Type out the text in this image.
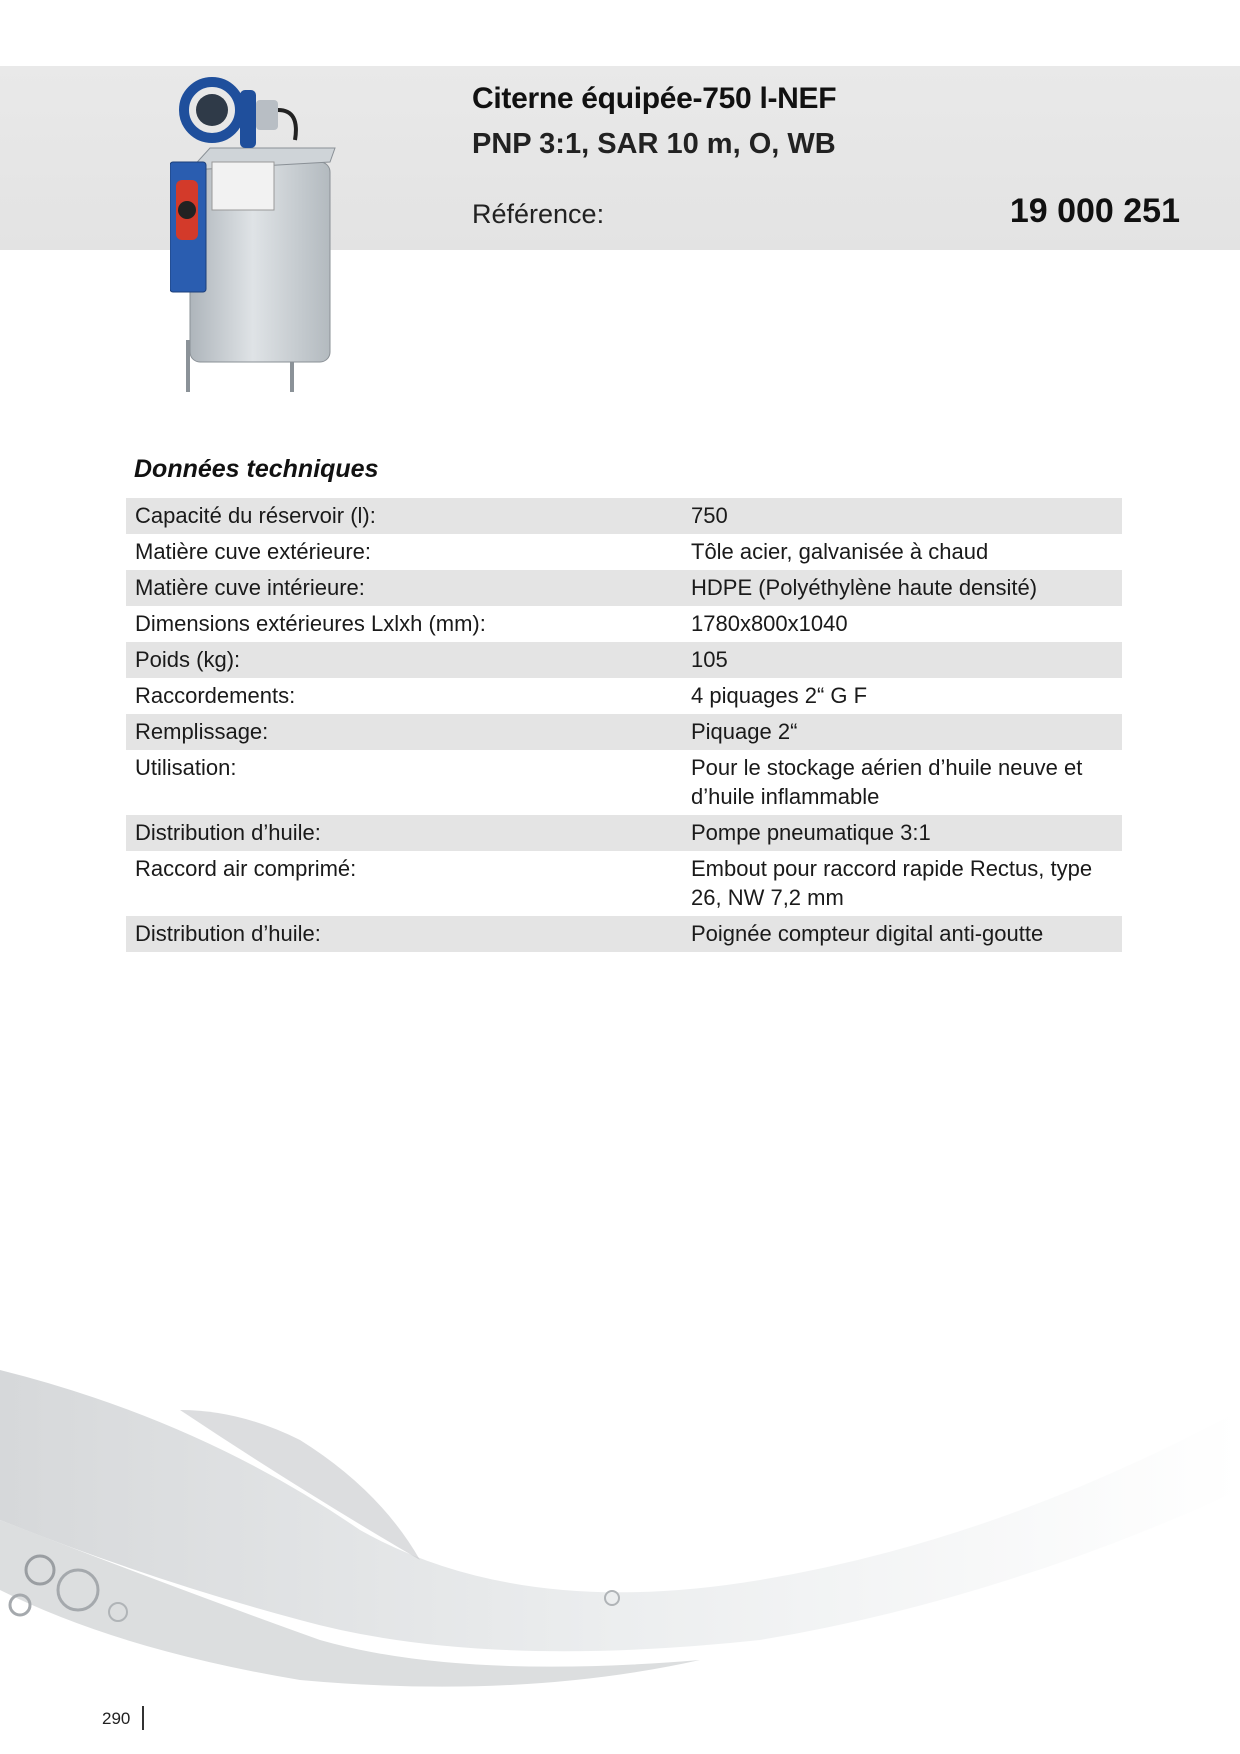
Citerne équipée-750 l-NEF
PNP 3:1, SAR 10 m, O, WB
Référence:	19 000 251
Données techniques
Capacité du réservoir (l):	750
Matière cuve extérieure:	Tôle acier, galvanisée à chaud
Matière cuve intérieure:	HDPE (Polyéthylène haute densité)
Dimensions extérieures Lxlxh (mm):	1780x800x1040
Poids (kg):	105
Raccordements:	4 piquages 2“ G F
Remplissage:	Piquage 2“
Utilisation:	Pour le stockage aérien d’huile neuve et d’huile inflammable
Distribution d’huile:	Pompe pneumatique 3:1
Raccord air comprimé:	Embout pour raccord rapide Rectus, type 26, NW 7,2 mm
Distribution d’huile:	Poignée compteur digital anti-goutte
290
